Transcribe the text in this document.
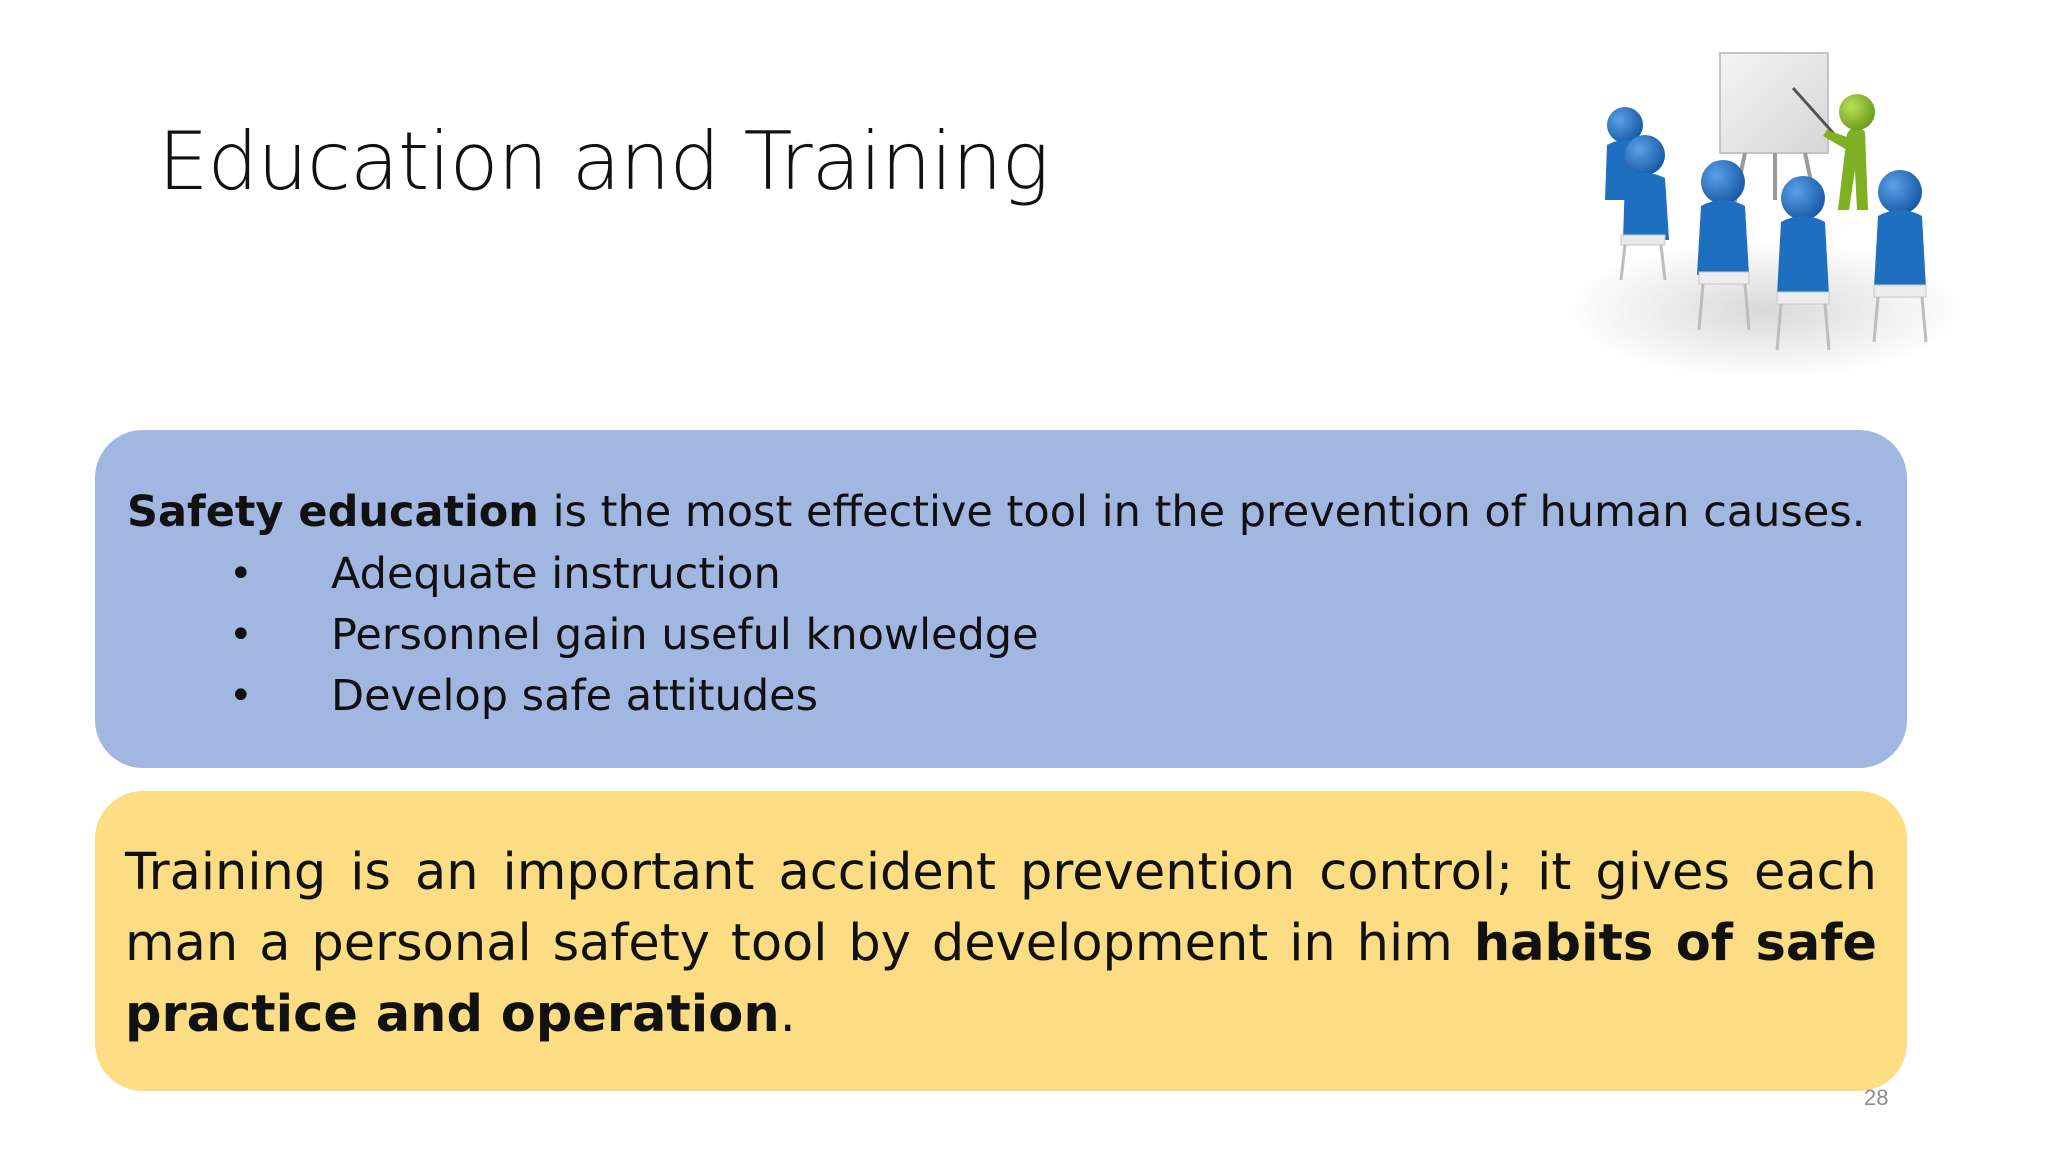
Education and Training

Safety education is the most effective tool in the prevention of human causes.

•	Adequate instruction
•	Personnel gain useful knowledge
•	Develop safe attitudes

Training is an important accident prevention control; it gives each man a personal safety tool by development in him habits of safe practice and operation.

28
